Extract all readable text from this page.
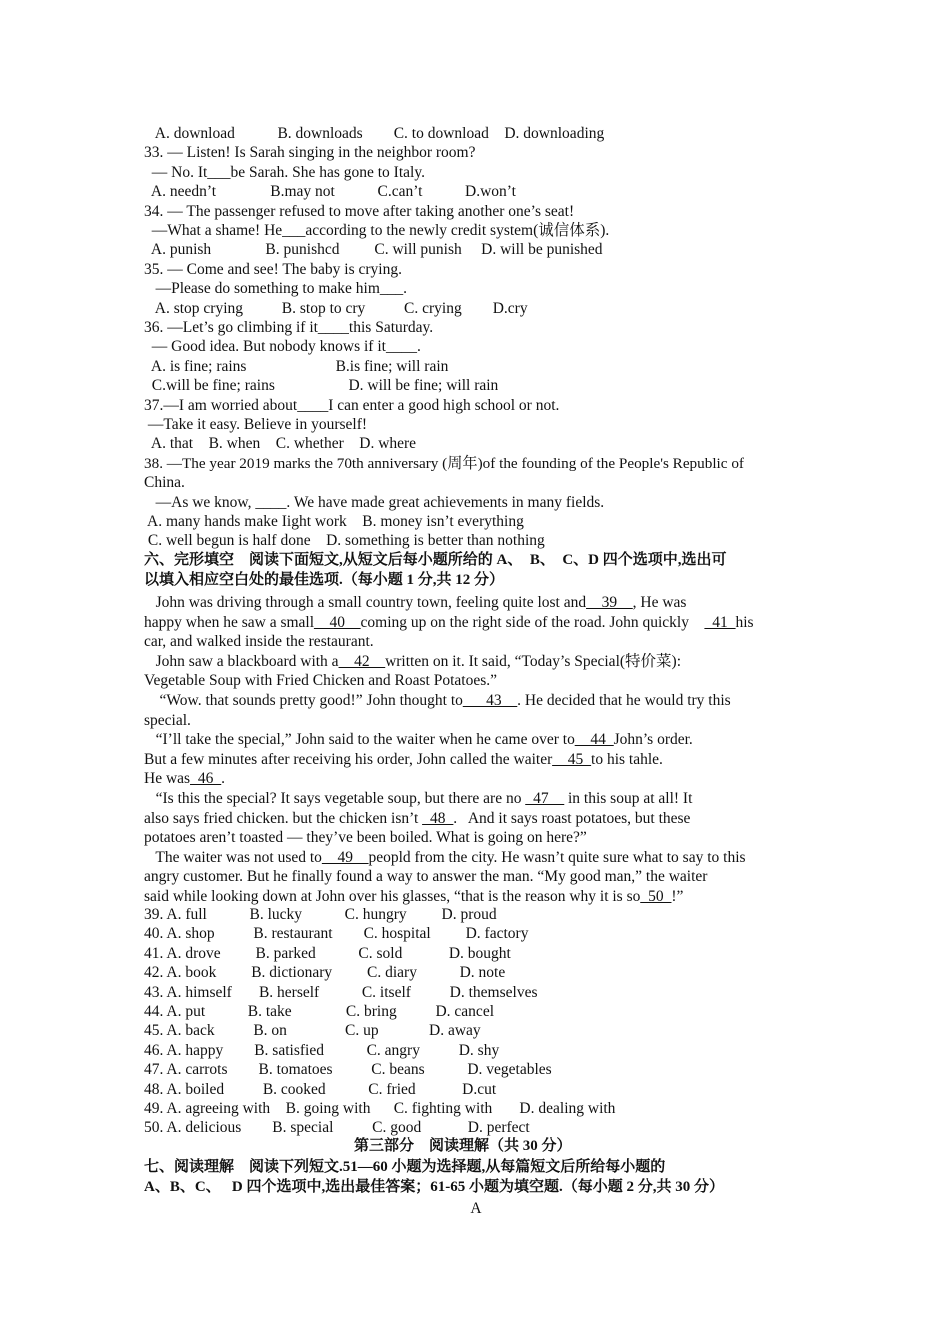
A. download           B. downloads        C. to download    D. downloading
33. — Listen! Is Sarah singing in the neighbor room?
— No. It___be Sarah. She has gone to Italy.
A. needn’t              B.may not           C.can’t           D.won’t
34. — The passenger refused to move after taking another one’s seat!
—What a shame! He___according to the newly credit system(诚信体系).
A. punish              B. punishcd         C. will punish     D. will be punished
35. — Come and see! The baby is crying.
—Please do something to make him___.
A. stop crying          B. stop to cry          C. crying        D.cry
36. —Let’s go climbing if it____this Saturday.
— Good idea. But nobody knows if it____.
A. is fine; rains                       B.is fine; will rain
C.will be fine; rains                   D. will be fine; will rain
37.—I am worried about____I can enter a good high school or not.
—Take it easy. Believe in yourself!
A. that    B. when    C. whether    D. where
38. —The year 2019 marks the 70th anniversary (周年)of the founding of the People's Republic of
China.
—As we know, ____. We have made great achievements in many fields.
A. many hands make Iight work    B. money isn’t everything
C. well begun is half done    D. something is better than nothing
六、完形填空    阅读下面短文,从短文后每小题所给的 A、  B、  C、D 四个选项中,选出可
以填入相应空白处的最佳选项.（每小题 1 分,共 12 分）
John was driving through a small country town, feeling quite lost and__39__, He was
happy when he saw a small__40__coming up on the right side of the road. John quickly    _41_his
car, and walked inside the restaurant.
John saw a blackboard with a__42__written on it. It said, “Today’s Special(特价菜):
Vegetable Soup with Fried Chicken and Roast Potatoes.”
“Wow. that sounds pretty good!” John thought to___43__. He decided that he would try this
special.
“I’ll take the special,” John said to the waiter when he came over to__44_John’s order.
But a few minutes after receiving his order, John called the waiter__45_to his tahle.
He was_46_.
“Is this the special? It says vegetable soup, but there are no _47__ in this soup at all! It
also says fried chicken. but the chicken isn’t _48_.   And it says roast potatoes, but these
potatoes aren’t toasted — they’ve been boiled. What is going on here?”
The waiter was not used to__49__peopld from the city. He wasn’t quite sure what to say to this
angry customer. But he finally found a way to answer the man. “My good man,” the waiter
said while looking down at John over his glasses, “that is the reason why it is so_50_!”
39. A. full           B. lucky           C. hungry         D. proud
40. A. shop          B. restaurant        C. hospital         D. factory
41. A. drove         B. parked           C. sold            D. bought
42. A. book         B. dictionary         C. diary           D. note
43. A. himself       B. herself           C. itself          D. themselves
44. A. put           B. take              C. bring          D. cancel
45. A. back          B. on               C. up             D. away
46. A. happy        B. satisfied           C. angry          D. shy
47. A. carrots        B. tomatoes          C. beans           D. vegetables
48. A. boiled          B. cooked           C. fried            D.cut
49. A. agreeing with    B. going with      C. fighting with       D. dealing with
50. A. delicious        B. special          C. good            D. perfect
第三部分    阅读理解（共 30 分）
七、阅读理解    阅读下列短文.51—60 小题为选择题,从每篇短文后所给每小题的
A、B、C、   D 四个选项中,选出最佳答案；61-65 小题为填空题.（每小题 2 分,共 30 分）
A
